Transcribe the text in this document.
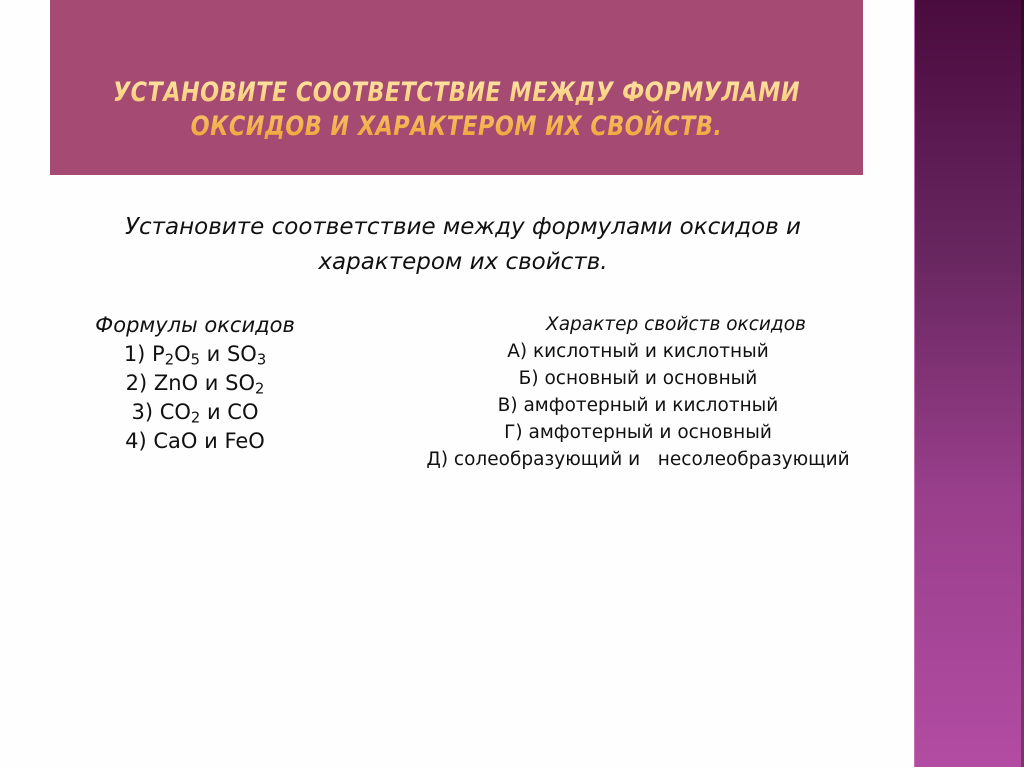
УСТАНОВИТЕ СООТВЕТСТВИЕ МЕЖДУ ФОРМУЛАМИ ОКСИДОВ И ХАРАКТЕРОМ ИХ СВОЙСТВ.
Установите соответствие между формулами оксидов и
характером их свойств.
Формулы оксидов
1) $P_2O_5$ и $SO_3$
2) ZnO и $SO_2$
3) $CO_2$ и CO
4) CaO и FeO
Характер свойств оксидов
А) кислотный и кислотный
Б) основный и основный
В) амфотерный и кислотный
Г) амфотерный и основный
Д) солеобразующий и   несолеобразующий
